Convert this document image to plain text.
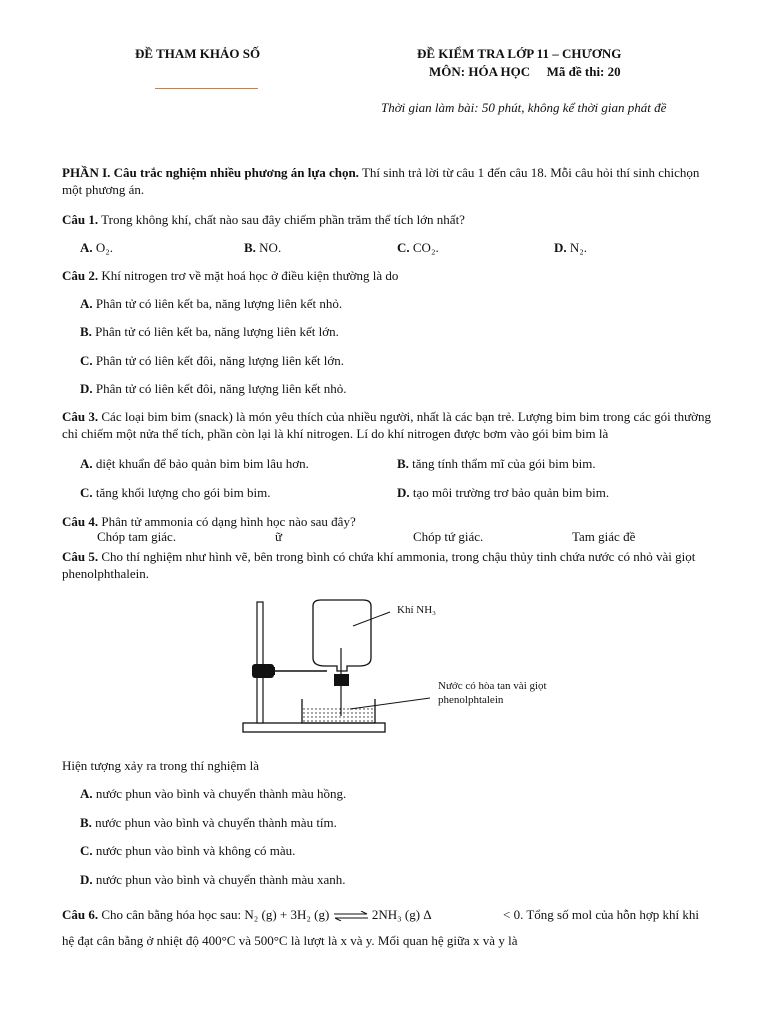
ĐỀ THAM KHẢO SỐ	ĐỀ KIỂM TRA LỚP 11 – CHƯƠNG
MÔN: HÓA HỌC Mã đề thi: 20
Thời gian làm bài: 50 phút, không kể thời gian phát đề
PHẦN I. Câu trắc nghiệm nhiều phương án lựa chọn. Thí sinh trả lời từ câu 1 đến câu 18. Mỗi câu hỏi thí sinh chichọn một phương án.
Câu 1. Trong không khí, chất nào sau đây chiếm phần trăm thể tích lớn nhất?
A. O₂.	B. NO.	C. CO₂.	D. N₂.
Câu 2. Khí nitrogen trơ về mặt hoá học ở điều kiện thường là do
A. Phân tử có liên kết ba, năng lượng liên kết nhỏ.
B. Phân tử có liên kết ba, năng lượng liên kết lớn.
C. Phân tử có liên kết đôi, năng lượng liên kết lớn.
D. Phân tử có liên kết đôi, năng lượng liên kết nhỏ.
Câu 3. Các loại bim bim (snack) là món yêu thích của nhiều người, nhất là các bạn trẻ. Lượng bim bim trong các gói thường chỉ chiếm một nửa thể tích, phần còn lại là khí nitrogen. Lí do khí nitrogen được bơm vào gói bim bim là
A. diệt khuẩn để bảo quản bim bim lâu hơn.	B. tăng tính thẩm mĩ của gói bim bim.
C. tăng khối lượng cho gói bim bim.	D. tạo môi trường trơ bảo quản bim bim.
Câu 4. Phân tử ammonia có dạng hình học nào sau đây?
Chóp tam giác.	ữ	Chóp tứ giác.	Tam giác đề
Câu 5. Cho thí nghiệm như hình vẽ, bên trong bình có chứa khí ammonia, trong chậu thủy tinh chứa nước có nhỏ vài giọt phenolphthalein.
Khí NH₃
Nước có hòa tan vài giọt
phenolphtalein
Hiện tượng xảy ra trong thí nghiệm là
A. nước phun vào bình và chuyển thành màu hồng.
B. nước phun vào bình và chuyển thành màu tím.
C. nước phun vào bình và không có màu.
D. nước phun vào bình và chuyển thành màu xanh.
Câu 6. Cho cân bằng hóa học sau: N₂ (g) + 3H₂ (g) ⇌ 2NH₃ (g) Δ	< 0. Tổng số mol của hỗn hợp khí khi
hệ đạt cân bằng ở nhiệt độ 400°C và 500°C là lượt là x và y. Mối quan hệ giữa x và y là
